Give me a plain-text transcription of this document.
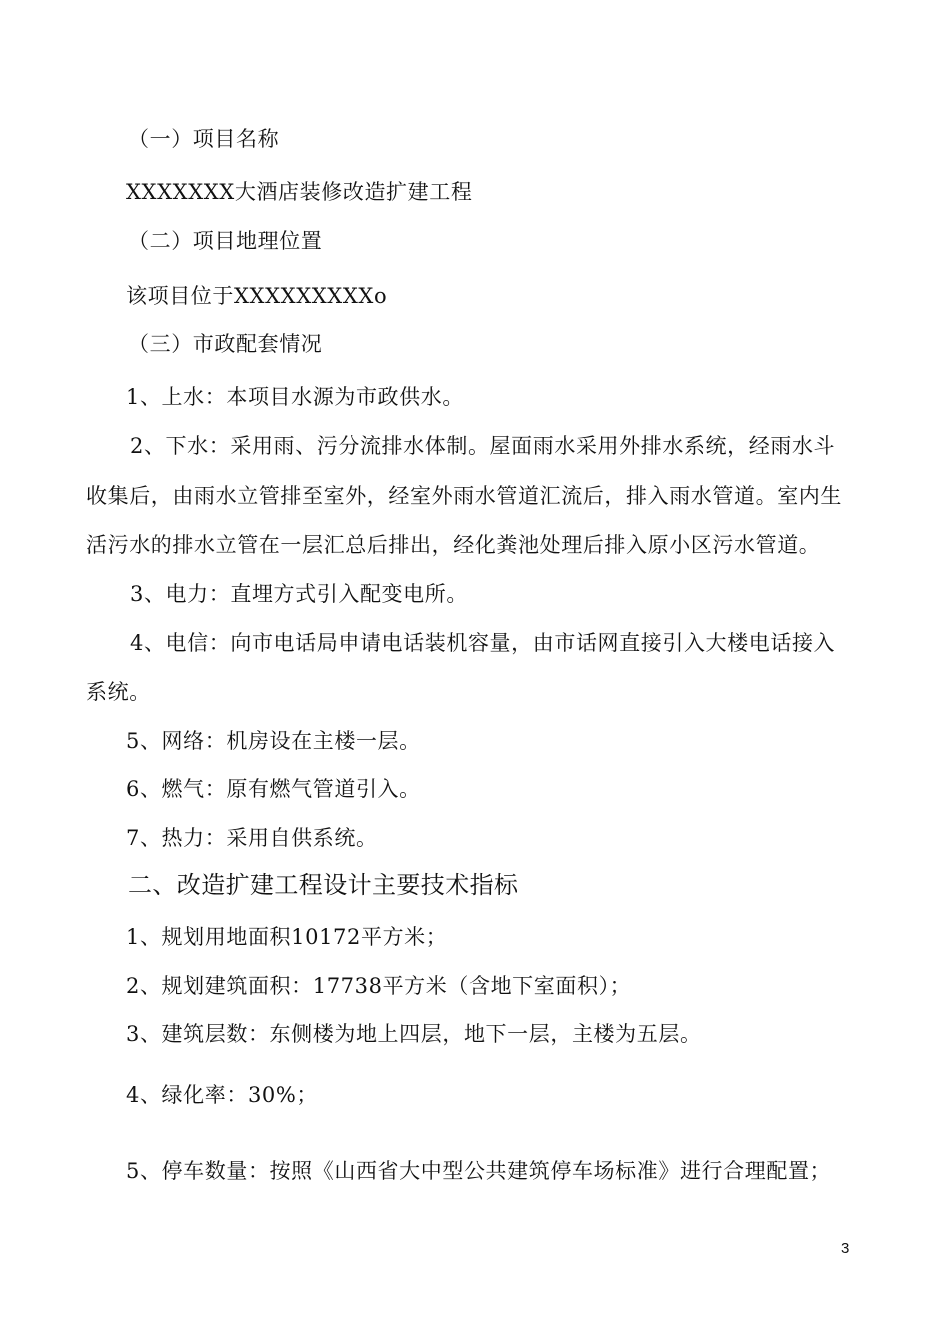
（一）项目名称
XXXXXXX大酒店装修改造扩建工程
（二）项目地理位置
该项目位于XXXXXXXXXo
（三）市政配套情况
1、上水：本项目水源为市政供水。
2、下水：采用雨、污分流排水体制。屋面雨水采用外排水系统，经雨水斗
收集后，由雨水立管排至室外，经室外雨水管道汇流后，排入雨水管道。室内生
活污水的排水立管在一层汇总后排出，经化粪池处理后排入原小区污水管道。
3、电力：直埋方式引入配变电所。
4、电信：向市电话局申请电话装机容量，由市话网直接引入大楼电话接入
系统。
5、网络：机房设在主楼一层。
6、燃气：原有燃气管道引入。
7、热力：采用自供系统。
二、改造扩建工程设计主要技术指标
1、规划用地面积10172平方米；
2、规划建筑面积：17738平方米（含地下室面积）；
3、建筑层数：东侧楼为地上四层，地下一层，主楼为五层。
4、绿化率：30%；
5、停车数量：按照《山西省大中型公共建筑停车场标准》进行合理配置；
3
